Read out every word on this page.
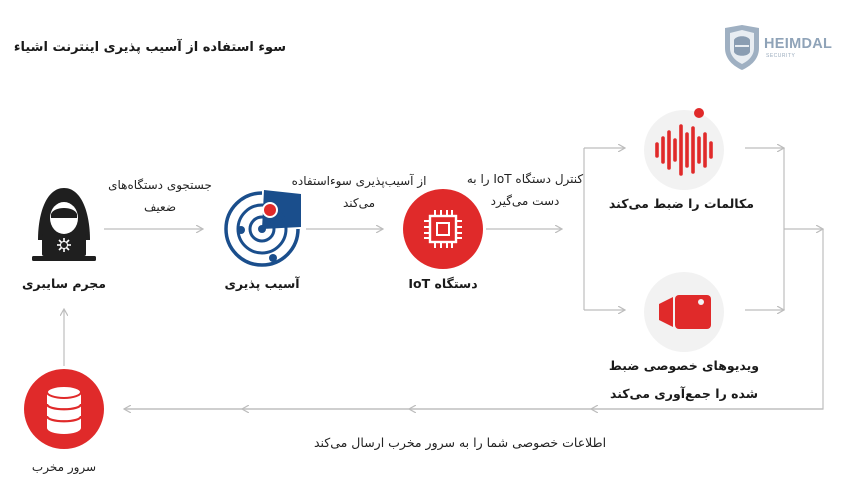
سوء استفاده از آسیب پذیری اینترنت اشیاء	HEIMDAL
SECURITY
مجرم سایبری
جستجوی دستگاه‌های
ضعیف
آسیب پذیری
از آسیب‌پذیری سوءاستفاده
می‌کند
دستگاه IoT
کنترل دستگاه IoT را به
دست می‌گیرد	مکالمات را ضبط می‌کند
ویدیوهای خصوصی ضبط
شده را جمع‌آوری می‌کند
سرور مخرب
اطلاعات خصوصی شما را به سرور مخرب ارسال می‌کند
